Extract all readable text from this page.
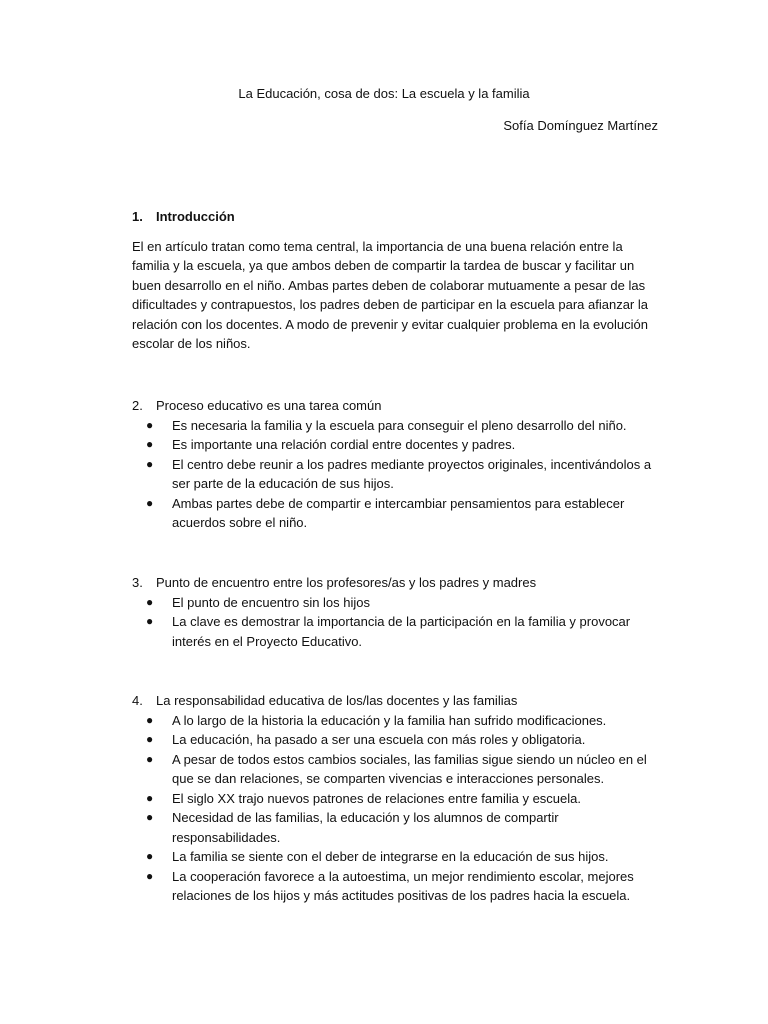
La Educación, cosa de dos: La escuela y la familia
Sofía Domínguez Martínez
1.	Introducción
El en artículo tratan como tema central, la importancia de una buena relación entre la familia y la escuela, ya que ambos deben de compartir la tardea de buscar y facilitar un buen desarrollo en el niño. Ambas partes deben de colaborar mutuamente a pesar de las dificultades y contrapuestos, los padres deben de participar en la escuela para afianzar la relación con los docentes. A modo de prevenir y evitar cualquier problema en la evolución escolar de los niños.
2.	Proceso educativo es una tarea común
● Es necesaria la familia y la escuela para conseguir el pleno desarrollo del niño.
● Es importante una relación cordial entre docentes y padres.
● El centro debe reunir a los padres mediante proyectos originales, incentivándolos a ser parte de la educación de sus hijos.
● Ambas partes debe de compartir e intercambiar pensamientos para establecer acuerdos sobre el niño.
3.	Punto de encuentro entre los profesores/as y los padres y madres
● El punto de encuentro sin los hijos
● La clave es demostrar la importancia de la participación en la familia y provocar interés en el Proyecto Educativo.
4.	La responsabilidad educativa de los/las docentes y las familias
● A lo largo de la historia la educación y la familia han sufrido modificaciones.
● La educación, ha pasado a ser una escuela con más roles y obligatoria.
● A pesar de todos estos cambios sociales, las familias sigue siendo un núcleo en el que se dan relaciones, se comparten vivencias e interacciones personales.
● El siglo XX trajo nuevos patrones de relaciones entre familia y escuela.
● Necesidad de las familias, la educación y los alumnos de compartir responsabilidades.
● La familia se siente con el deber de integrarse en la educación de sus hijos.
● La cooperación favorece a la autoestima, un mejor rendimiento escolar, mejores relaciones de los hijos y más actitudes positivas de los padres hacia la escuela.
